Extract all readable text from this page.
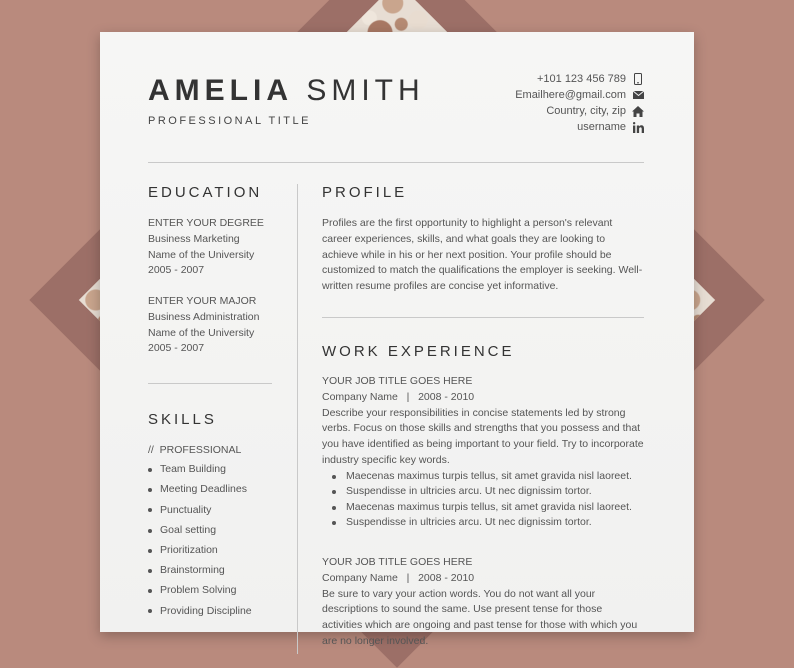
AMELIA SMITH
PROFESSIONAL TITLE
+101 123 456 789
Emailhere@gmail.com
Country, city, zip
username
EDUCATION
ENTER YOUR DEGREE
Business Marketing
Name of the University
2005 - 2007
ENTER YOUR MAJOR
Business Administration
Name of the University
2005 - 2007
SKILLS
//  PROFESSIONAL
Team Building
Meeting Deadlines
Punctuality
Goal setting
Prioritization
Brainstorming
Problem Solving
Providing Discipline
PROFILE

Profiles are the first opportunity to highlight a person's relevant career experiences, skills, and what goals they are looking to achieve while in his or her next position. Your profile should be customized to match the qualifications the employer is seeking. Well-written resume profiles are concise yet informative.

WORK EXPERIENCE
YOUR JOB TITLE GOES HERE
Company Name   |   2008 - 2010

Describe your responsibilities in concise statements led by strong verbs. Focus on those skills and strengths that you possess and that you have identified as being important to your field. Try to incorporate industry specific key words.

Maecenas maximus turpis tellus, sit amet gravida nisl laoreet.
Suspendisse in ultricies arcu. Ut nec dignissim tortor.
Maecenas maximus turpis tellus, sit amet gravida nisl laoreet.
Suspendisse in ultricies arcu. Ut nec dignissim tortor.
YOUR JOB TITLE GOES HERE
Company Name   |   2008 - 2010

Be sure to vary your action words. You do not want all your descriptions to sound the same. Use present tense for those activities which are ongoing and past tense for those with which you are no longer involved.
